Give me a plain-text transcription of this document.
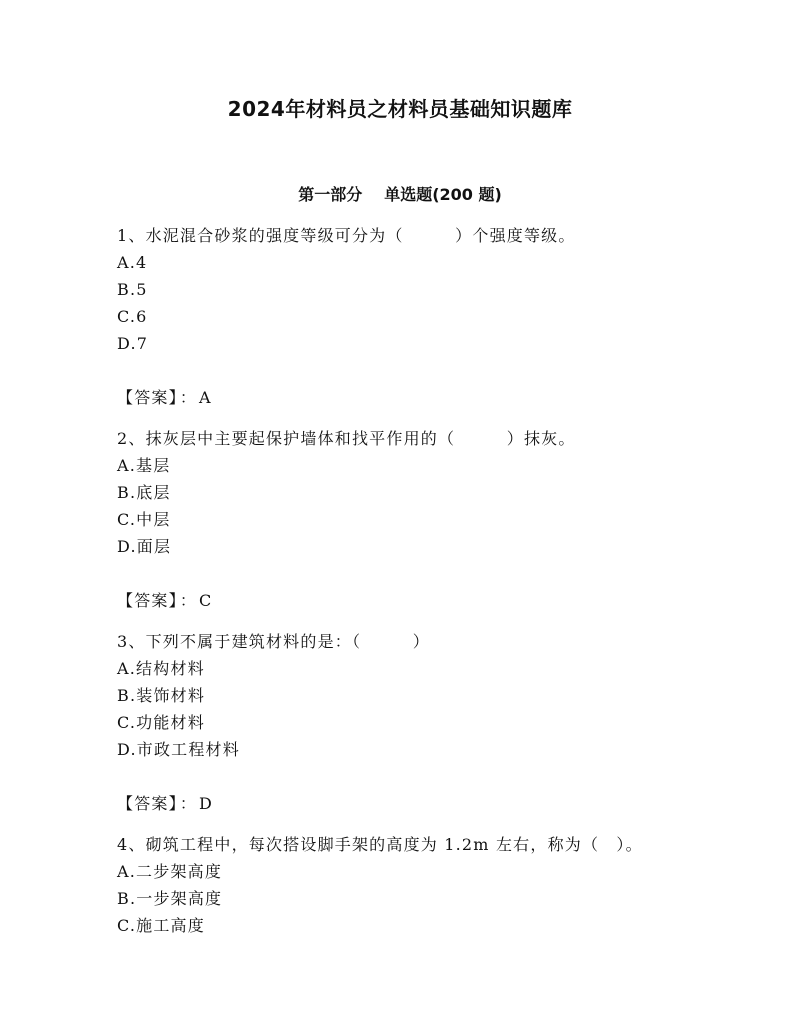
2024年材料员之材料员基础知识题库
第一部分 单选题(200 题)
1、水泥混合砂浆的强度等级可分为（　　　）个强度等级。
A.4
B.5
C.6
D.7
【答案】 ： A
2、抹灰层中主要起保护墙体和找平作用的（　　　）抹灰。
A.基层
B.底层
C.中层
D.面层
【答案】 ： C
3、下列不属于建筑材料的是：（　　　）
A.结构材料
B.装饰材料
C.功能材料
D.市政工程材料
【答案】 ： D
4、砌筑工程中，每次搭设脚手架的高度为 1.2m 左右，称为（　）。
A.二步架高度
B.一步架高度
C.施工高度
